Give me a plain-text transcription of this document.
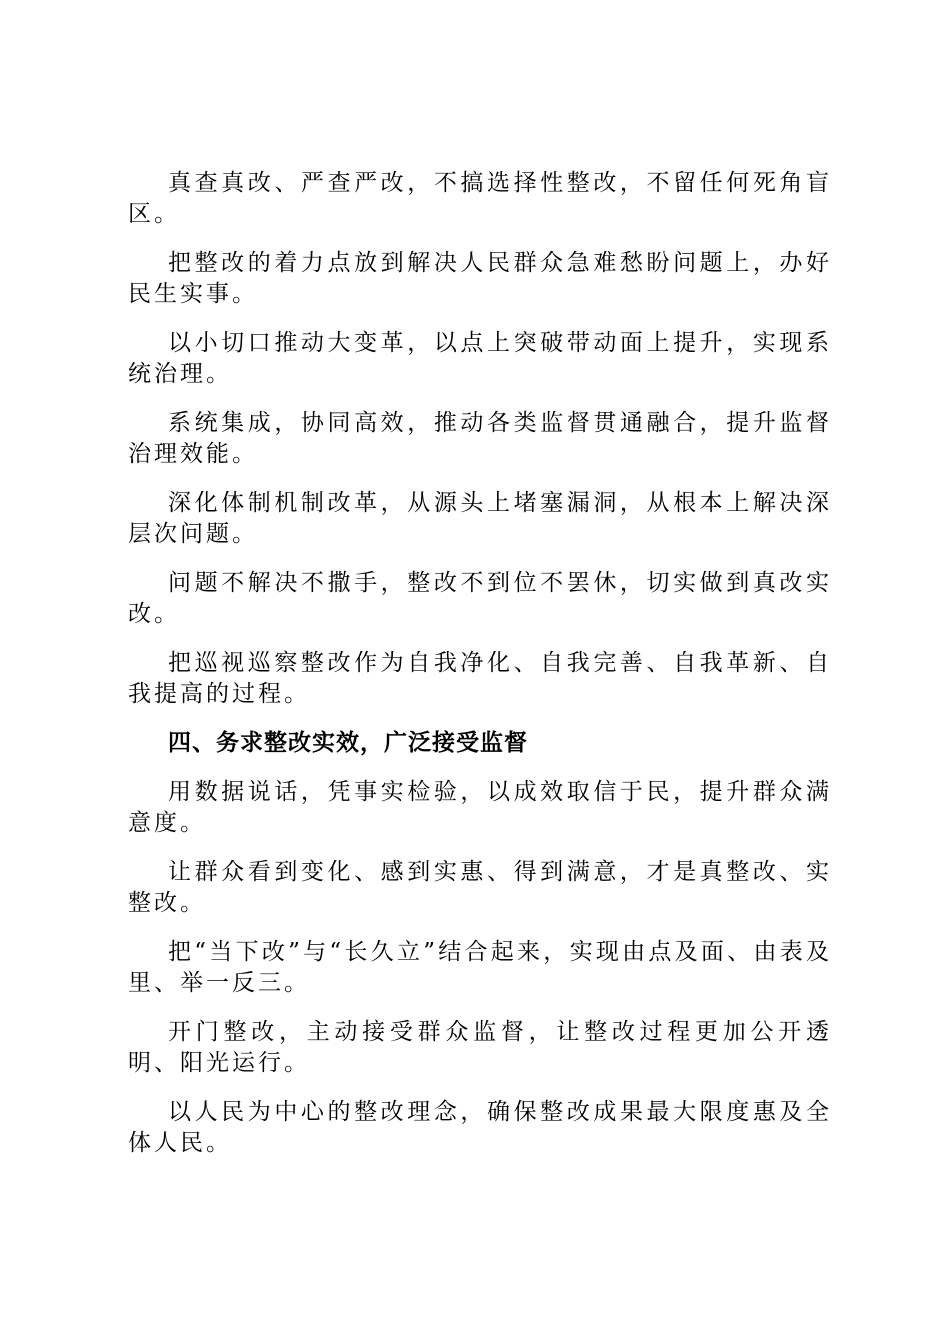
真查真改、严查严改，不搞选择性整改，不留任何死角盲区。

把整改的着力点放到解决人民群众急难愁盼问题上，办好民生实事。

以小切口推动大变革，以点上突破带动面上提升，实现系统治理。

系统集成，协同高效，推动各类监督贯通融合，提升监督治理效能。

深化体制机制改革，从源头上堵塞漏洞，从根本上解决深层次问题。

问题不解决不撒手，整改不到位不罢休，切实做到真改实改。

把巡视巡察整改作为自我净化、自我完善、自我革新、自我提高的过程。

四、务求整改实效，广泛接受监督

用数据说话，凭事实检验，以成效取信于民，提升群众满意度。

让群众看到变化、感到实惠、得到满意，才是真整改、实整改。

把“当下改”与“长久立”结合起来，实现由点及面、由表及里、举一反三。

开门整改，主动接受群众监督，让整改过程更加公开透明、阳光运行。

以人民为中心的整改理念，确保整改成果最大限度惠及全体人民。
